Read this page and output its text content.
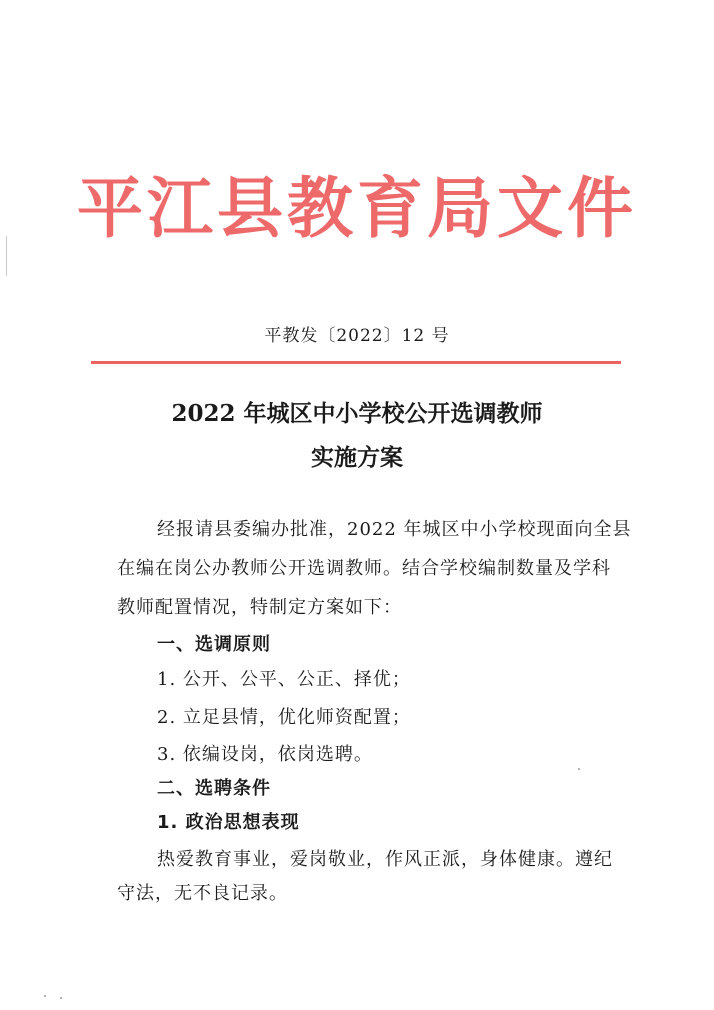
平江县教育局文件
平教发〔2022〕12 号
2022 年城区中小学校公开选调教师
实施方案
经报请县委编办批准，2022 年城区中小学校现面向全县
在编在岗公办教师公开选调教师。结合学校编制数量及学科
教师配置情况，特制定方案如下：
一、选调原则
1. 公开、公平、公正、择优；
2. 立足县情，优化师资配置；
3. 依编设岗，依岗选聘。
二、选聘条件
1. 政治思想表现
热爱教育事业，爱岗敬业，作风正派，身体健康。遵纪
守法，无不良记录。
